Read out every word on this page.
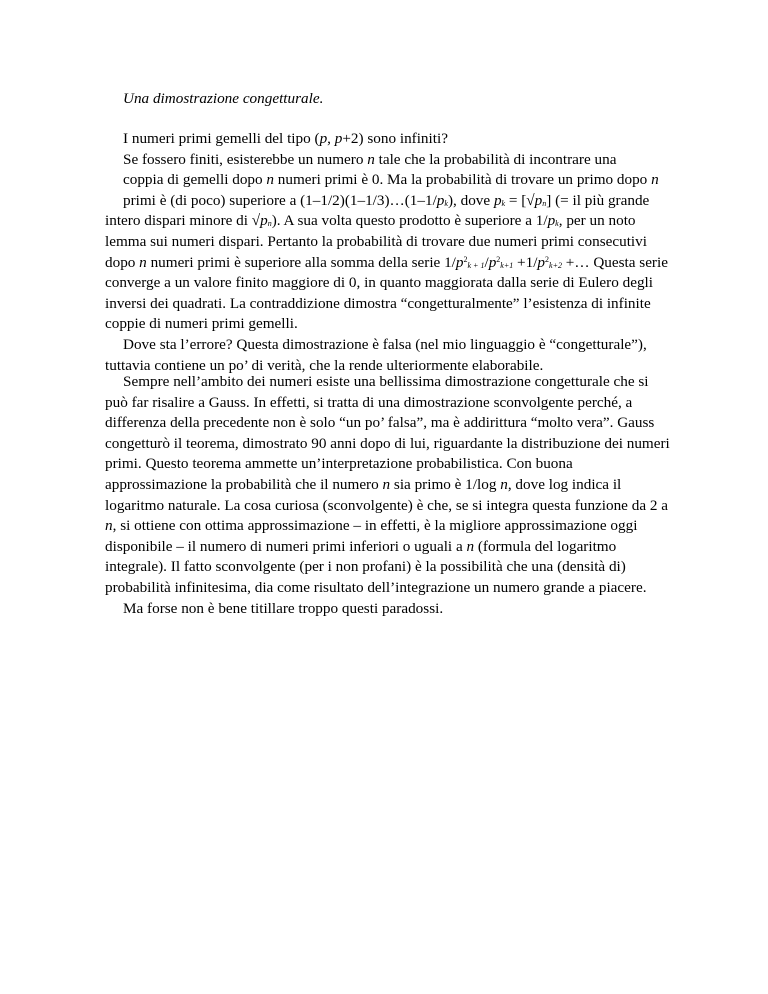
Una dimostrazione congetturale.
I numeri primi gemelli del tipo (p, p+2) sono infiniti?
Se fossero finiti, esisterebbe un numero n tale che la probabilità di incontrare una
coppia di gemelli dopo n numeri primi è 0. Ma la probabilità di trovare un primo dopo n
primi è (di poco) superiore a $(1-1/2)(1-1/3)\dots(1-1/p_k)$, dove $p_k = [√p_n]$ (= il più grande
intero dispari minore di $√p_n$). A sua volta questo prodotto è superiore a $1/p_k$, per un noto
lemma sui numeri dispari. Pertanto la probabilità di trovare due numeri primi consecutivi
dopo n numeri primi è superiore alla somma della serie $1/p^2_{k + 1}/p^2_{k+1} +1/p^2_{k+2}$ +… Questa serie
converge a un valore finito maggiore di 0, in quanto maggiorata dalla serie di Eulero degli
inversi dei quadrati. La contraddizione dimostra “congetturalmente” l’esistenza di infinite
coppie di numeri primi gemelli.
Dove sta l’errore? Questa dimostrazione è falsa (nel mio linguaggio è “congetturale”),
tuttavia contiene un po’ di verità, che la rende ulteriormente elaborabile.
Sempre nell’ambito dei numeri esiste una bellissima dimostrazione congetturale che si
può far risalire a Gauss. In effetti, si tratta di una dimostrazione sconvolgente perché, a
differenza della precedente non è solo “un po’ falsa”, ma è addirittura “molto vera”. Gauss
congetturò il teorema, dimostrato 90 anni dopo di lui, riguardante la distribuzione dei numeri
primi. Questo teorema ammette un’interpretazione probabilistica. Con buona
approssimazione la probabilità che il numero n sia primo è 1/log n, dove log indica il
logaritmo naturale. La cosa curiosa (sconvolgente) è che, se si integra questa funzione da 2 a
n, si ottiene con ottima approssimazione – in effetti, è la migliore approssimazione oggi
disponibile – il numero di numeri primi inferiori o uguali a n (formula del logaritmo
integrale). Il fatto sconvolgente (per i non profani) è la possibilità che una (densità di)
probabilità infinitesima, dia come risultato dell’integrazione un numero grande a piacere.
Ma forse non è bene titillare troppo questi paradossi.
